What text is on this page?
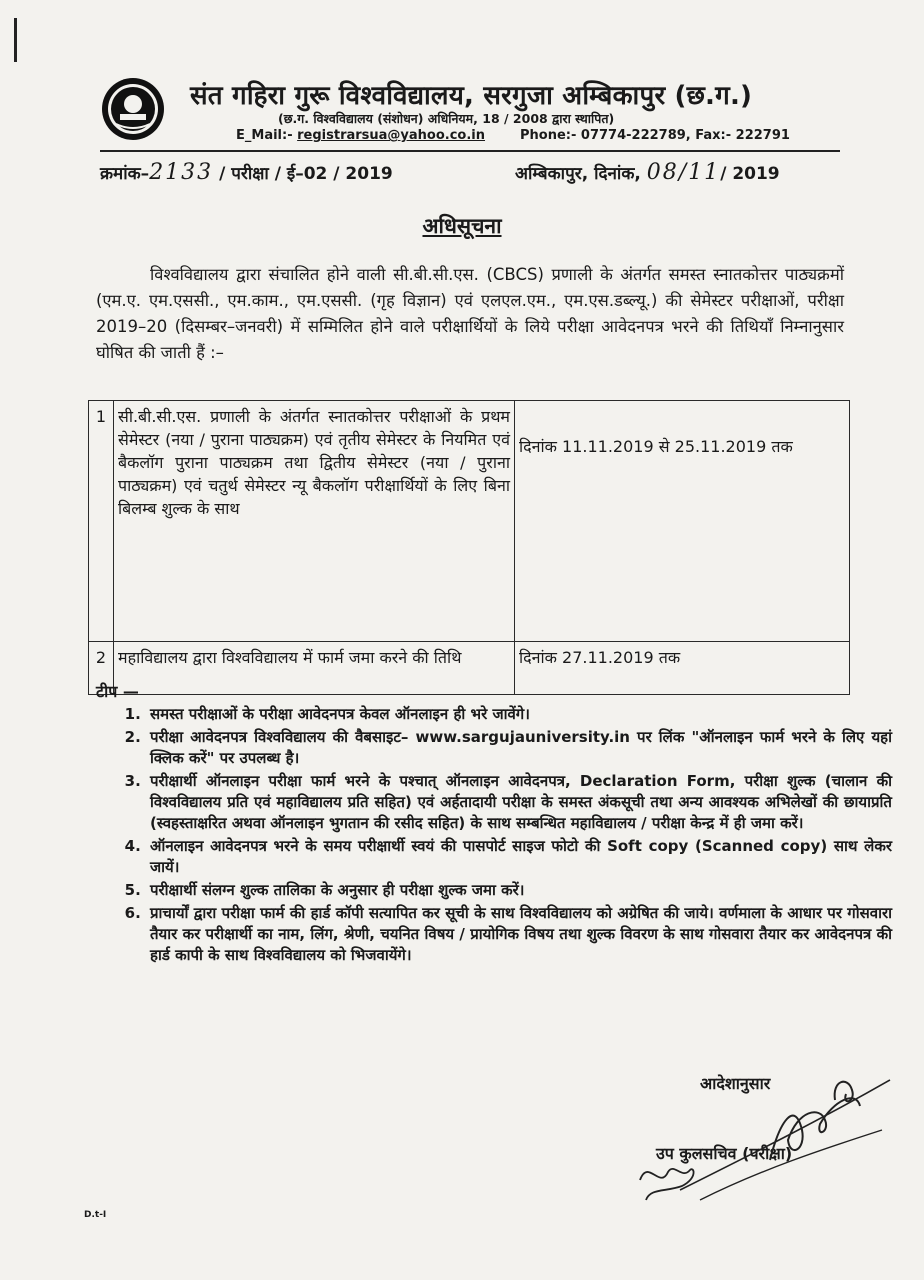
संत गहिरा गुरू विश्वविद्यालय, सरगुजा अम्बिकापुर (छ.ग.)
(छ.ग. विश्वविद्यालय (संशोधन) अधिनियम, 18 / 2008 द्वारा स्थापित)
E_Mail:- registrarsua@yahoo.co.in	Phone:- 07774-222789, Fax:- 222791
क्रमांक–2133 / परीक्षा / ई–02 / 2019	अम्बिकापुर, दिनांक, 08/11/ 2019
अधिसूचना

विश्वविद्यालय द्वारा संचालित होने वाली सी.बी.सी.एस. (CBCS) प्रणाली के अंतर्गत समस्त स्नातकोत्तर पाठ्यक्रमों (एम.ए. एम.एससी., एम.काम., एम.एससी. (गृह विज्ञान) एवं एलएल.एम., एम.एस.डब्ल्यू.) की सेमेस्टर परीक्षाओं, परीक्षा 2019–20 (दिसम्बर–जनवरी) में सम्मिलित होने वाले परीक्षार्थियों के लिये परीक्षा आवेदनपत्र भरने की तिथियाँ निम्नानुसार घोषित की जाती हैं :–

1	सी.बी.सी.एस. प्रणाली के अंतर्गत स्नातकोत्तर परीक्षाओं के प्रथम सेमेस्टर (नया / पुराना पाठ्यक्रम) एवं तृतीय सेमेस्टर के नियमित एवं बैकलॉग पुराना पाठ्यक्रम तथा द्वितीय सेमेस्टर (नया / पुराना पाठ्यक्रम) एवं चतुर्थ सेमेस्टर न्यू बैकलॉग परीक्षार्थियों के लिए बिना बिलम्ब शुल्क के साथ	दिनांक 11.11.2019 से 25.11.2019 तक
2	महाविद्यालय द्वारा विश्वविद्यालय में फार्म जमा करने की तिथि	दिनांक 27.11.2019 तक
टीप —
1. समस्त परीक्षाओं के परीक्षा आवेदनपत्र केवल ऑनलाइन ही भरे जावेंगे।
2. परीक्षा आवेदनपत्र विश्वविद्यालय की वैबसाइट– www.sargujauniversity.in पर लिंक "ऑनलाइन फार्म भरने के लिए यहां क्लिक करें" पर उपलब्ध है।
3. परीक्षार्थी ऑनलाइन परीक्षा फार्म भरने के पश्चात् ऑनलाइन आवेदनपत्र, Declaration Form, परीक्षा शुल्क (चालान की विश्वविद्यालय प्रति एवं महाविद्यालय प्रति सहित) एवं अर्हतादायी परीक्षा के समस्त अंकसूची तथा अन्य आवश्यक अभिलेखों की छायाप्रति (स्वहस्ताक्षरित अथवा ऑनलाइन भुगतान की रसीद सहित) के साथ सम्बन्धित महाविद्यालय / परीक्षा केन्द्र में ही जमा करें।
4. ऑनलाइन आवेदनपत्र भरने के समय परीक्षार्थी स्वयं की पासपोर्ट साइज फोटो की Soft copy (Scanned copy) साथ लेकर जायें।
5. परीक्षार्थी संलग्न शुल्क तालिका के अनुसार ही परीक्षा शुल्क जमा करें।
6. प्राचार्यों द्वारा परीक्षा फार्म की हार्ड कॉपी सत्यापित कर सूची के साथ विश्वविद्यालय को अग्रेषित की जाये। वर्णमाला के आधार पर गोसवारा तैयार कर परीक्षार्थी का नाम, लिंग, श्रेणी, चयनित विषय / प्रायोगिक विषय तथा शुल्क विवरण के साथ गोसवारा तैयार कर आवेदनपत्र की हार्ड कापी के साथ विश्वविद्यालय को भिजवायेंगे।
आदेशानुसार
उप कुलसचिव (परीक्षा)
D.t-I
